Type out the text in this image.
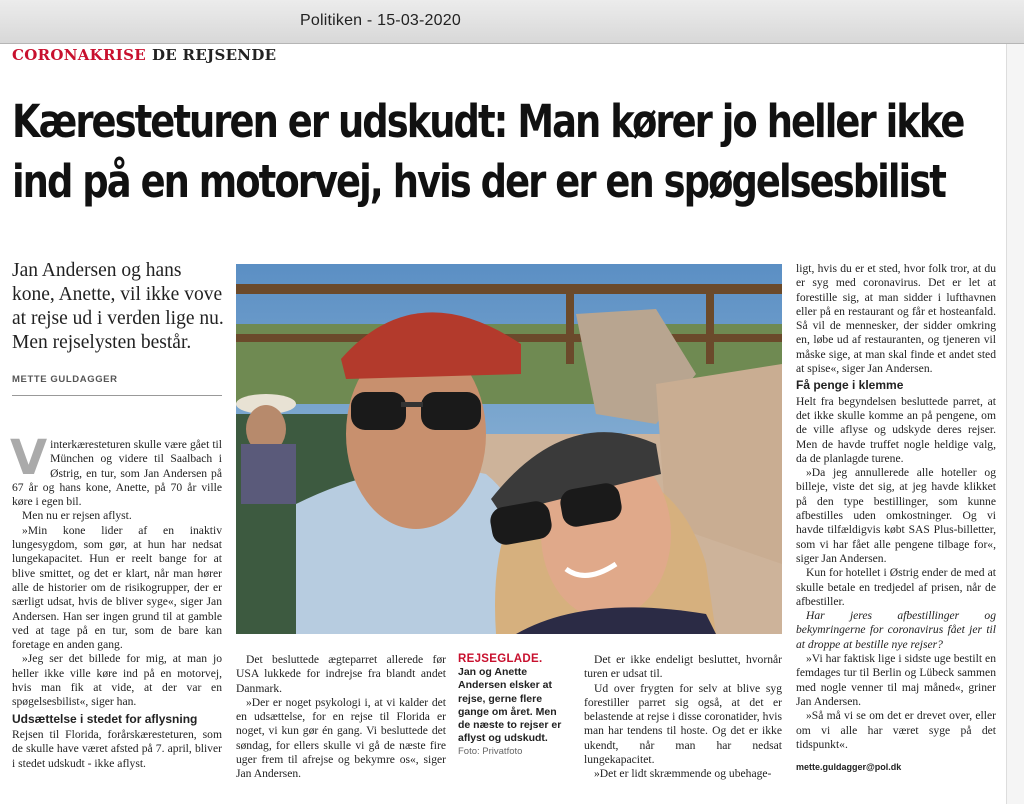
Politiken - 15-03-2020
CORONAKRISE DE REJSENDE
Kæresteturen er udskudt: Man kører jo heller ikke
ind på en motorvej, hvis der er en spøgelsesbilist
Jan Andersen og hans kone, Anette, vil ikke vove at rejse ud i verden lige nu. Men rejselysten består.
METTE GULDAGGER

Vinterkæresteturen skulle være gået til München og videre til Saalbach i Østrig, en tur, som Jan Andersen på 67 år og hans kone, Anette, på 70 år ville køre i egen bil.

Men nu er rejsen aflyst.

»Min kone lider af en inaktiv lungesygdom, som gør, at hun har nedsat lungekapacitet. Hun er reelt bange for at blive smittet, og det er klart, når man hører alle de historier om de risikogrupper, der er særligt udsat, hvis de bliver syge«, siger Jan Andersen. Han ser ingen grund til at gamble ved at tage på en tur, som de bare kan foretage en anden gang.

»Jeg ser det billede for mig, at man jo heller ikke ville køre ind på en motorvej, hvis man fik at vide, at der var en spøgelsesbilist«, siger han.

Udsættelse i stedet for aflysning

Rejsen til Florida, forårskæresteturen, som de skulle have været afsted på 7. april, bliver i stedet udskudt - ikke aflyst.

Det besluttede ægteparret allerede før USA lukkede for indrejse fra blandt andet Danmark.

»Der er noget psykologi i, at vi kalder det en udsættelse, for en rejse til Florida er noget, vi kun gør én gang. Vi besluttede det søndag, for ellers skulle vi gå de næste fire uger frem til afrejse og bekymre os«, siger Jan Andersen.

REJSEGLADE.
Jan og Anette Andersen elsker at rejse, gerne flere gange om året. Men de næste to rejser er aflyst og udskudt.
Foto: Privatfoto

Det er ikke endeligt besluttet, hvornår turen er udsat til.

Ud over frygten for selv at blive syg forestiller parret sig også, at det er belastende at rejse i disse coronatider, hvis man har tendens til hoste. Og det er ikke ukendt, når man har nedsat lungekapacitet.

»Det er lidt skræmmende og ubehage-

ligt, hvis du er et sted, hvor folk tror, at du er syg med coronavirus. Det er let at forestille sig, at man sidder i lufthavnen eller på en restaurant og får et hosteanfald. Så vil de mennesker, der sidder omkring en, løbe ud af restauranten, og tjeneren vil måske sige, at man skal finde et andet sted at spise«, siger Jan Andersen.

Få penge i klemme

Helt fra begyndelsen besluttede parret, at det ikke skulle komme an på pengene, om de ville aflyse og udskyde deres rejser. Men de havde truffet nogle heldige valg, da de planlagde turene.

»Da jeg annullerede alle hoteller og billeje, viste det sig, at jeg havde klikket på den type bestillinger, som kunne afbestilles uden omkostninger. Og vi havde tilfældigvis købt SAS Plus-billetter, som vi har fået alle pengene tilbage for«, siger Jan Andersen.

Kun for hotellet i Østrig ender de med at skulle betale en tredjedel af prisen, når de afbestiller.

Har jeres afbestillinger og bekymringerne for coronavirus fået jer til at droppe at bestille nye rejser?

»Vi har faktisk lige i sidste uge bestilt en femdages tur til Berlin og Lübeck sammen med nogle venner til maj måned«, griner Jan Andersen.

»Så må vi se om det er drevet over, eller om vi alle har været syge på det tidspunkt«.

mette.guldagger@pol.dk
